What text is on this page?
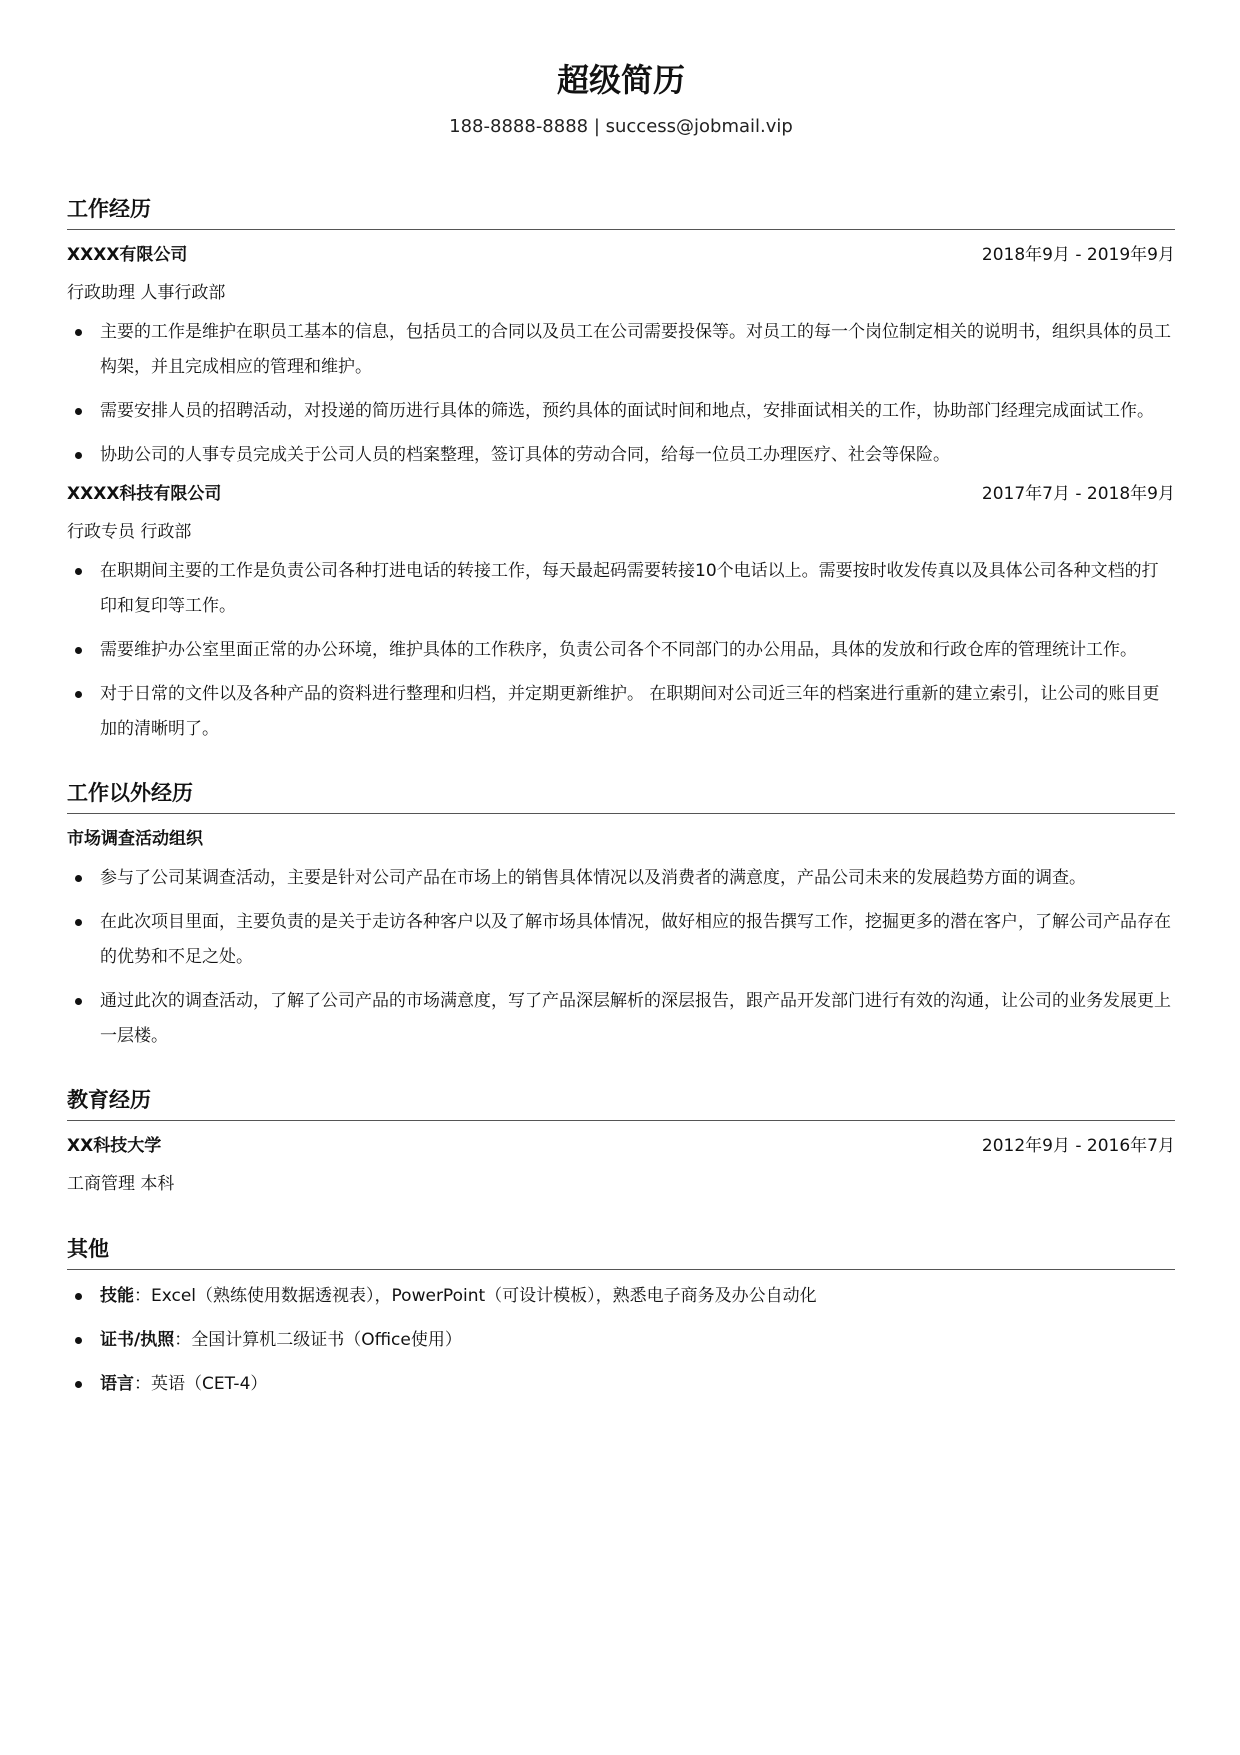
超级简历
188-8888-8888 | success@jobmail.vip
工作经历
XXXX有限公司	2018年9月 - 2019年9月
行政助理 人事行政部
主要的工作是维护在职员工基本的信息，包括员工的合同以及员工在公司需要投保等。对员工的每一个岗位制定相关的说明书，组织具体的员工构架，并且完成相应的管理和维护。
需要安排人员的招聘活动，对投递的简历进行具体的筛选，预约具体的面试时间和地点，安排面试相关的工作，协助部门经理完成面试工作。
协助公司的人事专员完成关于公司人员的档案整理，签订具体的劳动合同，给每一位员工办理医疗、社会等保险。
XXXX科技有限公司	2017年7月 - 2018年9月
行政专员 行政部
在职期间主要的工作是负责公司各种打进电话的转接工作，每天最起码需要转接10个电话以上。需要按时收发传真以及具体公司各种文档的打印和复印等工作。
需要维护办公室里面正常的办公环境，维护具体的工作秩序，负责公司各个不同部门的办公用品，具体的发放和行政仓库的管理统计工作。
对于日常的文件以及各种产品的资料进行整理和归档，并定期更新维护。 在职期间对公司近三年的档案进行重新的建立索引，让公司的账目更加的清晰明了。
工作以外经历
市场调查活动组织
参与了公司某调查活动，主要是针对公司产品在市场上的销售具体情况以及消费者的满意度，产品公司未来的发展趋势方面的调查。
在此次项目里面，主要负责的是关于走访各种客户以及了解市场具体情况，做好相应的报告撰写工作，挖掘更多的潜在客户，了解公司产品存在的优势和不足之处。
通过此次的调查活动，了解了公司产品的市场满意度，写了产品深层解析的深层报告，跟产品开发部门进行有效的沟通，让公司的业务发展更上一层楼。
教育经历
XX科技大学	2012年9月 - 2016年7月
工商管理 本科
其他
技能：Excel（熟练使用数据透视表），PowerPoint（可设计模板），熟悉电子商务及办公自动化
证书/执照：全国计算机二级证书（Office使用）
语言：英语（CET-4）
